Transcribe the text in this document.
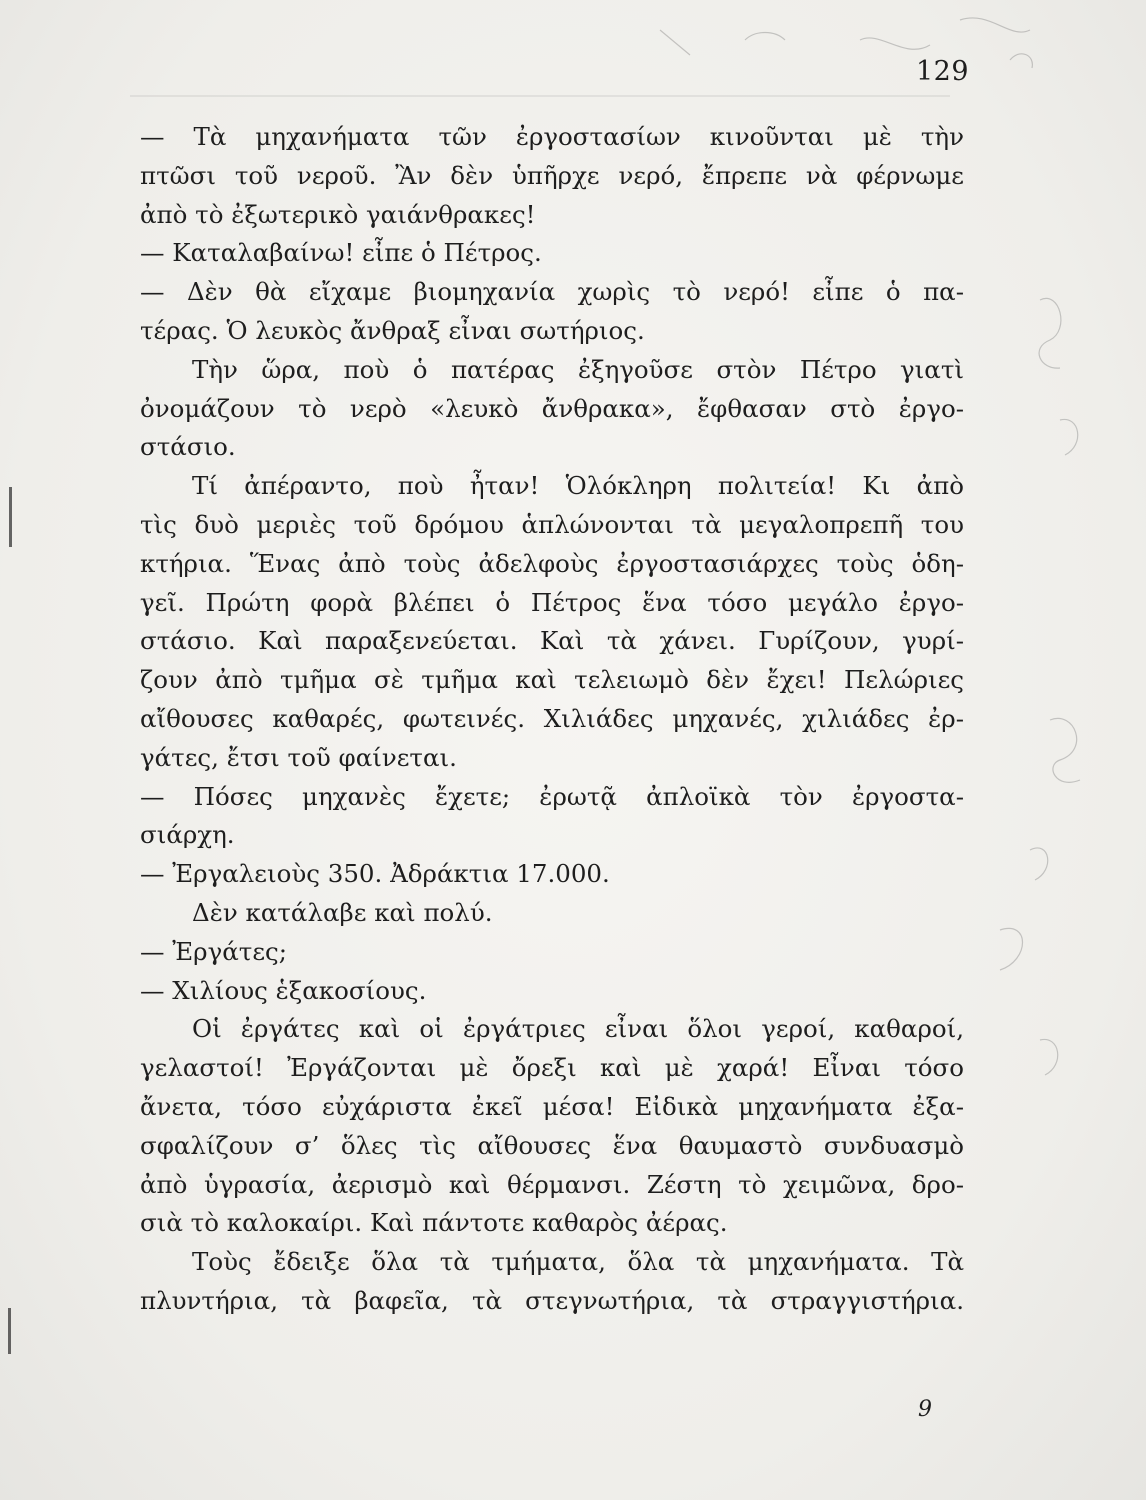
129
— Τὰ μηχανήματα τῶν ἐργοστασίων κινοῦνται μὲ τὴν
πτῶσι τοῦ νεροῦ. Ἂν δὲν ὑπῆρχε νερό, ἔπρεπε νὰ φέρνωμε
ἀπὸ τὸ ἐξωτερικὸ γαιάνθρακες!
— Καταλαβαίνω! εἶπε ὁ Πέτρος.
— Δὲν θὰ εἴχαμε βιομηχανία χωρὶς τὸ νερό! εἶπε ὁ πα-
τέρας. Ὁ λευκὸς ἄνθραξ εἶναι σωτήριος.
Τὴν ὥρα, ποὺ ὁ πατέρας ἐξηγοῦσε στὸν Πέτρο γιατὶ
ὀνομάζουν τὸ νερὸ «λευκὸ ἄνθρακα», ἔφθασαν στὸ ἐργο-
στάσιο.
Τί ἀπέραντο, ποὺ ἦταν! Ὁλόκληρη πολιτεία! Κι ἀπὸ
τὶς δυὸ μεριὲς τοῦ δρόμου ἁπλώνονται τὰ μεγαλοπρεπῆ του
κτήρια. Ἕνας ἀπὸ τοὺς ἀδελφοὺς ἐργοστασιάρχες τοὺς ὁδη-
γεῖ. Πρώτη φορὰ βλέπει ὁ Πέτρος ἕνα τόσο μεγάλο ἐργο-
στάσιο. Καὶ παραξενεύεται. Καὶ τὰ χάνει. Γυρίζουν, γυρί-
ζουν ἀπὸ τμῆμα σὲ τμῆμα καὶ τελειωμὸ δὲν ἔχει! Πελώριες
αἴθουσες καθαρές, φωτεινές. Χιλιάδες μηχανές, χιλιάδες ἐρ-
γάτες, ἔτσι τοῦ φαίνεται.
— Πόσες μηχανὲς ἔχετε; ἐρωτᾷ ἀπλοϊκὰ τὸν ἐργοστα-
σιάρχη.
— Ἐργαλειοὺς 350. Ἀδράκτια 17.000.
Δὲν κατάλαβε καὶ πολύ.
— Ἐργάτες;
— Χιλίους ἑξακοσίους.
Οἱ ἐργάτες καὶ οἱ ἐργάτριες εἶναι ὅλοι γεροί, καθαροί,
γελαστοί! Ἐργάζονται μὲ ὄρεξι καὶ μὲ χαρά! Εἶναι τόσο
ἄνετα, τόσο εὐχάριστα ἐκεῖ μέσα! Εἰδικὰ μηχανήματα ἐξα-
σφαλίζουν σ’ ὅλες τὶς αἴθουσες ἕνα θαυμαστὸ συνδυασμὸ
ἀπὸ ὑγρασία, ἀερισμὸ καὶ θέρμανσι. Ζέστη τὸ χειμῶνα, δρο-
σιὰ τὸ καλοκαίρι. Καὶ πάντοτε καθαρὸς ἀέρας.
Τοὺς ἔδειξε ὅλα τὰ τμήματα, ὅλα τὰ μηχανήματα. Τὰ
πλυντήρια, τὰ βαφεῖα, τὰ στεγνωτήρια, τὰ στραγγιστήρια.
9
